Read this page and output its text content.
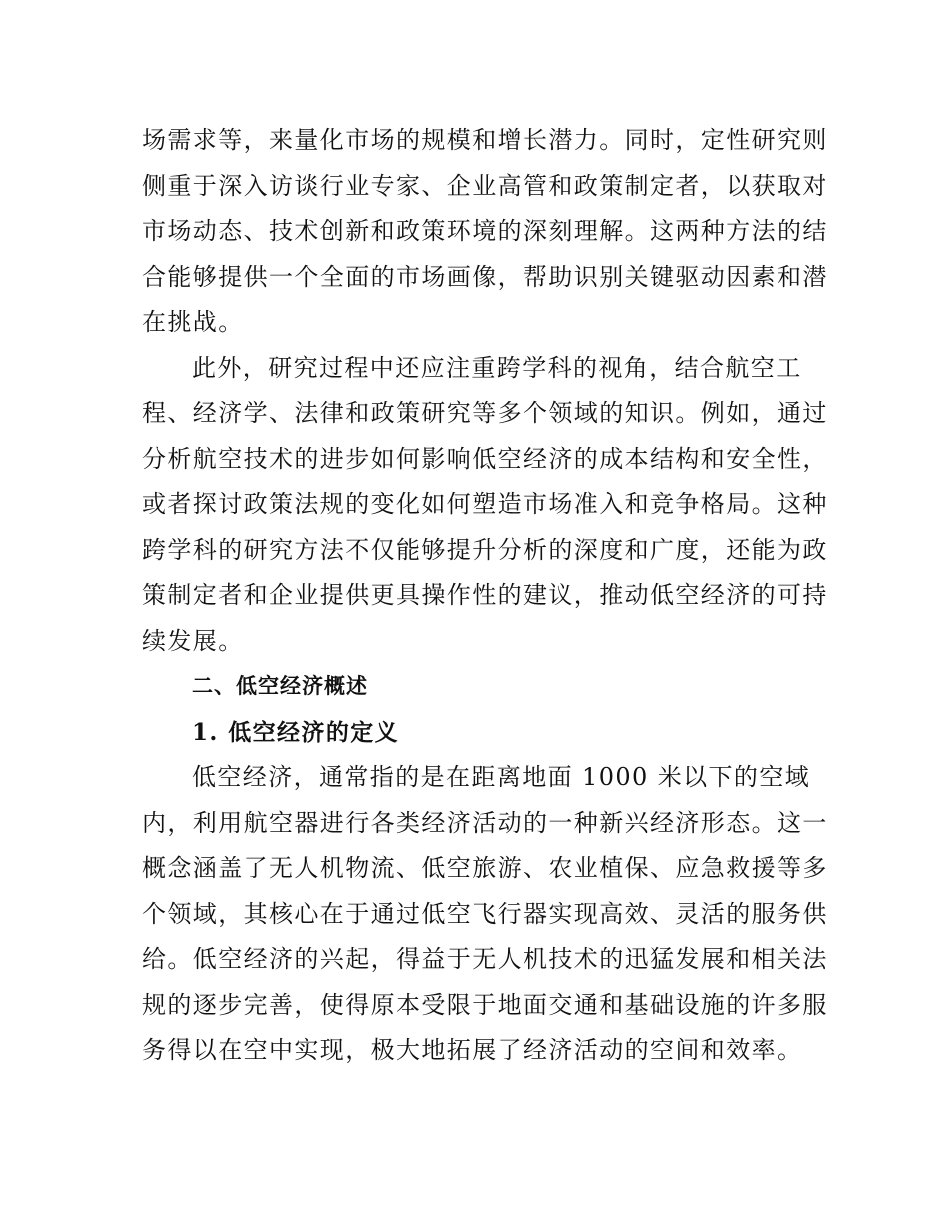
场需求等，来量化市场的规模和增长潜力。同时，定性研究则
侧重于深入访谈行业专家、企业高管和政策制定者，以获取对
市场动态、技术创新和政策环境的深刻理解。这两种方法的结
合能够提供一个全面的市场画像，帮助识别关键驱动因素和潜
在挑战。
此外，研究过程中还应注重跨学科的视角，结合航空工
程、经济学、法律和政策研究等多个领域的知识。例如，通过
分析航空技术的进步如何影响低空经济的成本结构和安全性，
或者探讨政策法规的变化如何塑造市场准入和竞争格局。这种
跨学科的研究方法不仅能够提升分析的深度和广度，还能为政
策制定者和企业提供更具操作性的建议，推动低空经济的可持
续发展。
二、低空经济概述
1. 低空经济的定义
低空经济，通常指的是在距离地面 1000 米以下的空域
内，利用航空器进行各类经济活动的一种新兴经济形态。这一
概念涵盖了无人机物流、低空旅游、农业植保、应急救援等多
个领域，其核心在于通过低空飞行器实现高效、灵活的服务供
给。低空经济的兴起，得益于无人机技术的迅猛发展和相关法
规的逐步完善，使得原本受限于地面交通和基础设施的许多服
务得以在空中实现，极大地拓展了经济活动的空间和效率。
